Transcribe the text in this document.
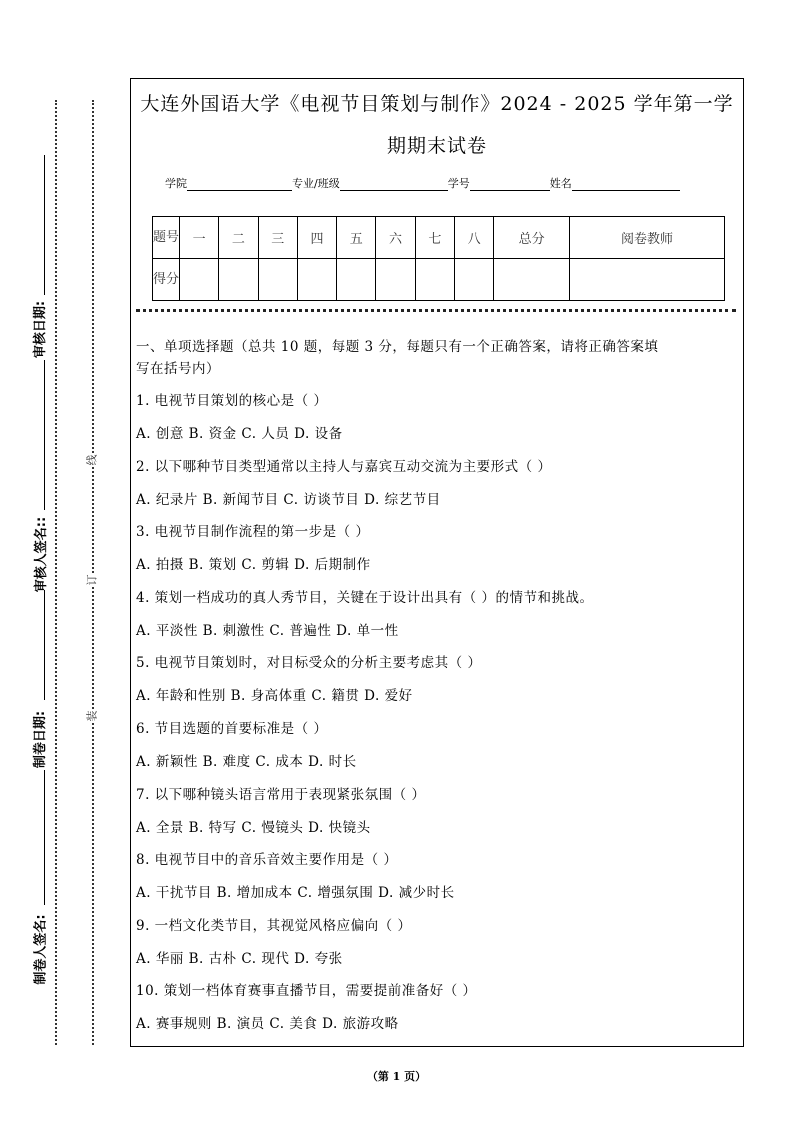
审核日期:
审核人签名::
制卷日期:
制卷人签名:
线
订
装
大连外国语大学《电视节目策划与制作》2024 - 2025 学年第一学
期期末试卷
学院	专业/班级	学号	姓名
题号	一	二	三	四	五	六	七	八	总分	阅卷教师
得分										
一、单项选择题（总共 10 题，每题 3 分，每题只有一个正确答案，请将正确答案填
写在括号内）
1. 电视节目策划的核心是（ ）
A. 创意 B. 资金 C. 人员 D. 设备
2. 以下哪种节目类型通常以主持人与嘉宾互动交流为主要形式（ ）
A. 纪录片 B. 新闻节目 C. 访谈节目 D. 综艺节目
3. 电视节目制作流程的第一步是（ ）
A. 拍摄 B. 策划 C. 剪辑 D. 后期制作
4. 策划一档成功的真人秀节目，关键在于设计出具有（ ）的情节和挑战。
A. 平淡性 B. 刺激性 C. 普遍性 D. 单一性
5. 电视节目策划时，对目标受众的分析主要考虑其（ ）
A. 年龄和性别 B. 身高体重 C. 籍贯 D. 爱好
6. 节目选题的首要标准是（ ）
A. 新颖性 B. 难度 C. 成本 D. 时长
7. 以下哪种镜头语言常用于表现紧张氛围（ ）
A. 全景 B. 特写 C. 慢镜头 D. 快镜头
8. 电视节目中的音乐音效主要作用是（ ）
A. 干扰节目 B. 增加成本 C. 增强氛围 D. 减少时长
9. 一档文化类节目，其视觉风格应偏向（ ）
A. 华丽 B. 古朴 C. 现代 D. 夸张
10. 策划一档体育赛事直播节目，需要提前准备好（ ）
A. 赛事规则 B. 演员 C. 美食 D. 旅游攻略
（第 1 页）
